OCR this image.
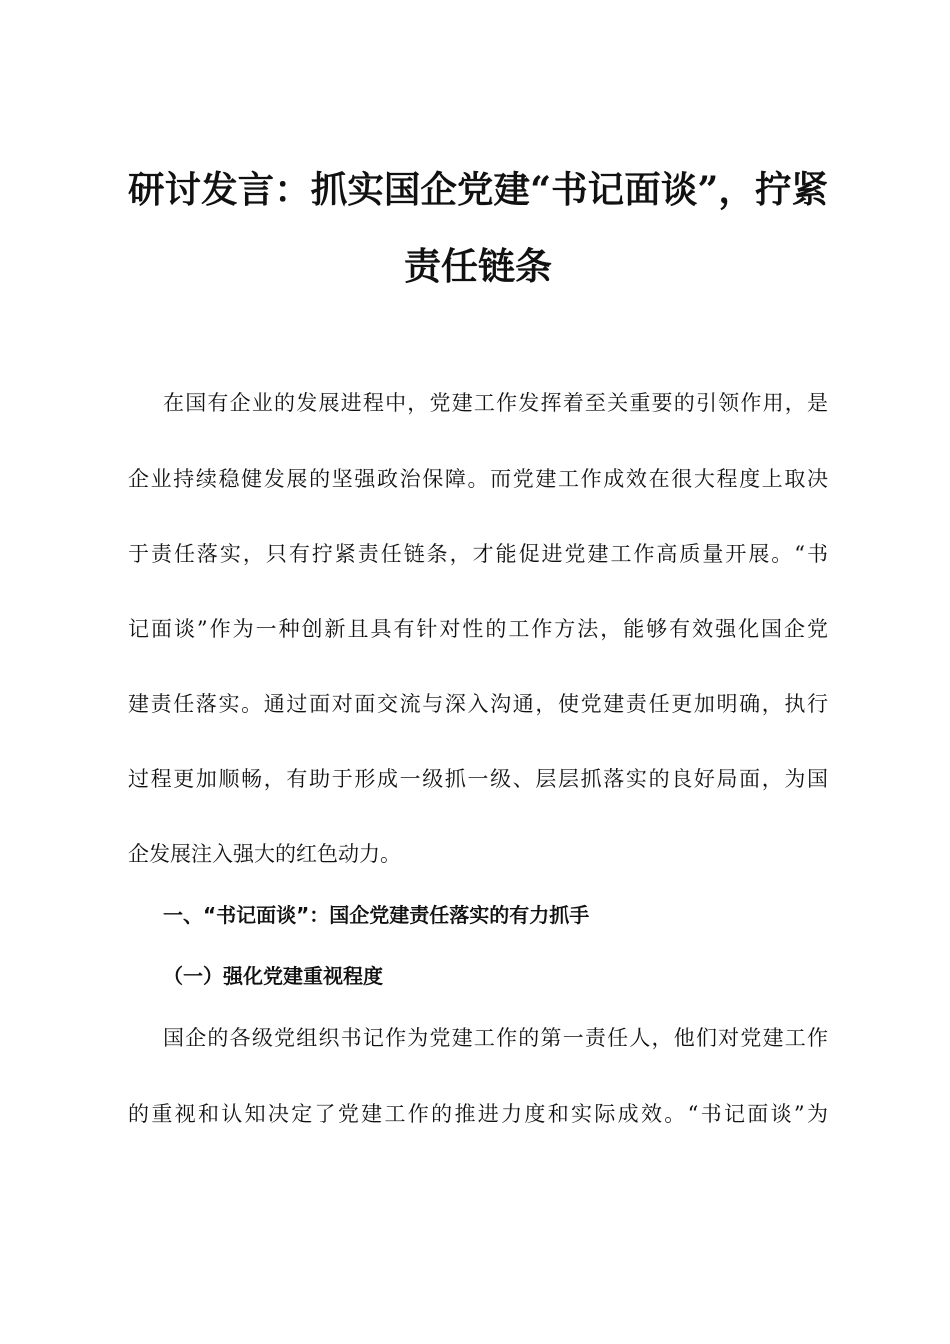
研讨发言：抓实国企党建“书记面谈”，拧紧
责任链条

在国有企业的发展进程中，党建工作发挥着至关重要的引领作用，是

企业持续稳健发展的坚强政治保障。而党建工作成效在很大程度上取决

于责任落实，只有拧紧责任链条，才能促进党建工作高质量开展。“书

记面谈”作为一种创新且具有针对性的工作方法，能够有效强化国企党

建责任落实。通过面对面交流与深入沟通，使党建责任更加明确，执行

过程更加顺畅，有助于形成一级抓一级、层层抓落实的良好局面，为国

企发展注入强大的红色动力。

一、“书记面谈”：国企党建责任落实的有力抓手
（一）强化党建重视程度

国企的各级党组织书记作为党建工作的第一责任人，他们对党建工作

的重视和认知决定了党建工作的推进力度和实际成效。“书记面谈”为
